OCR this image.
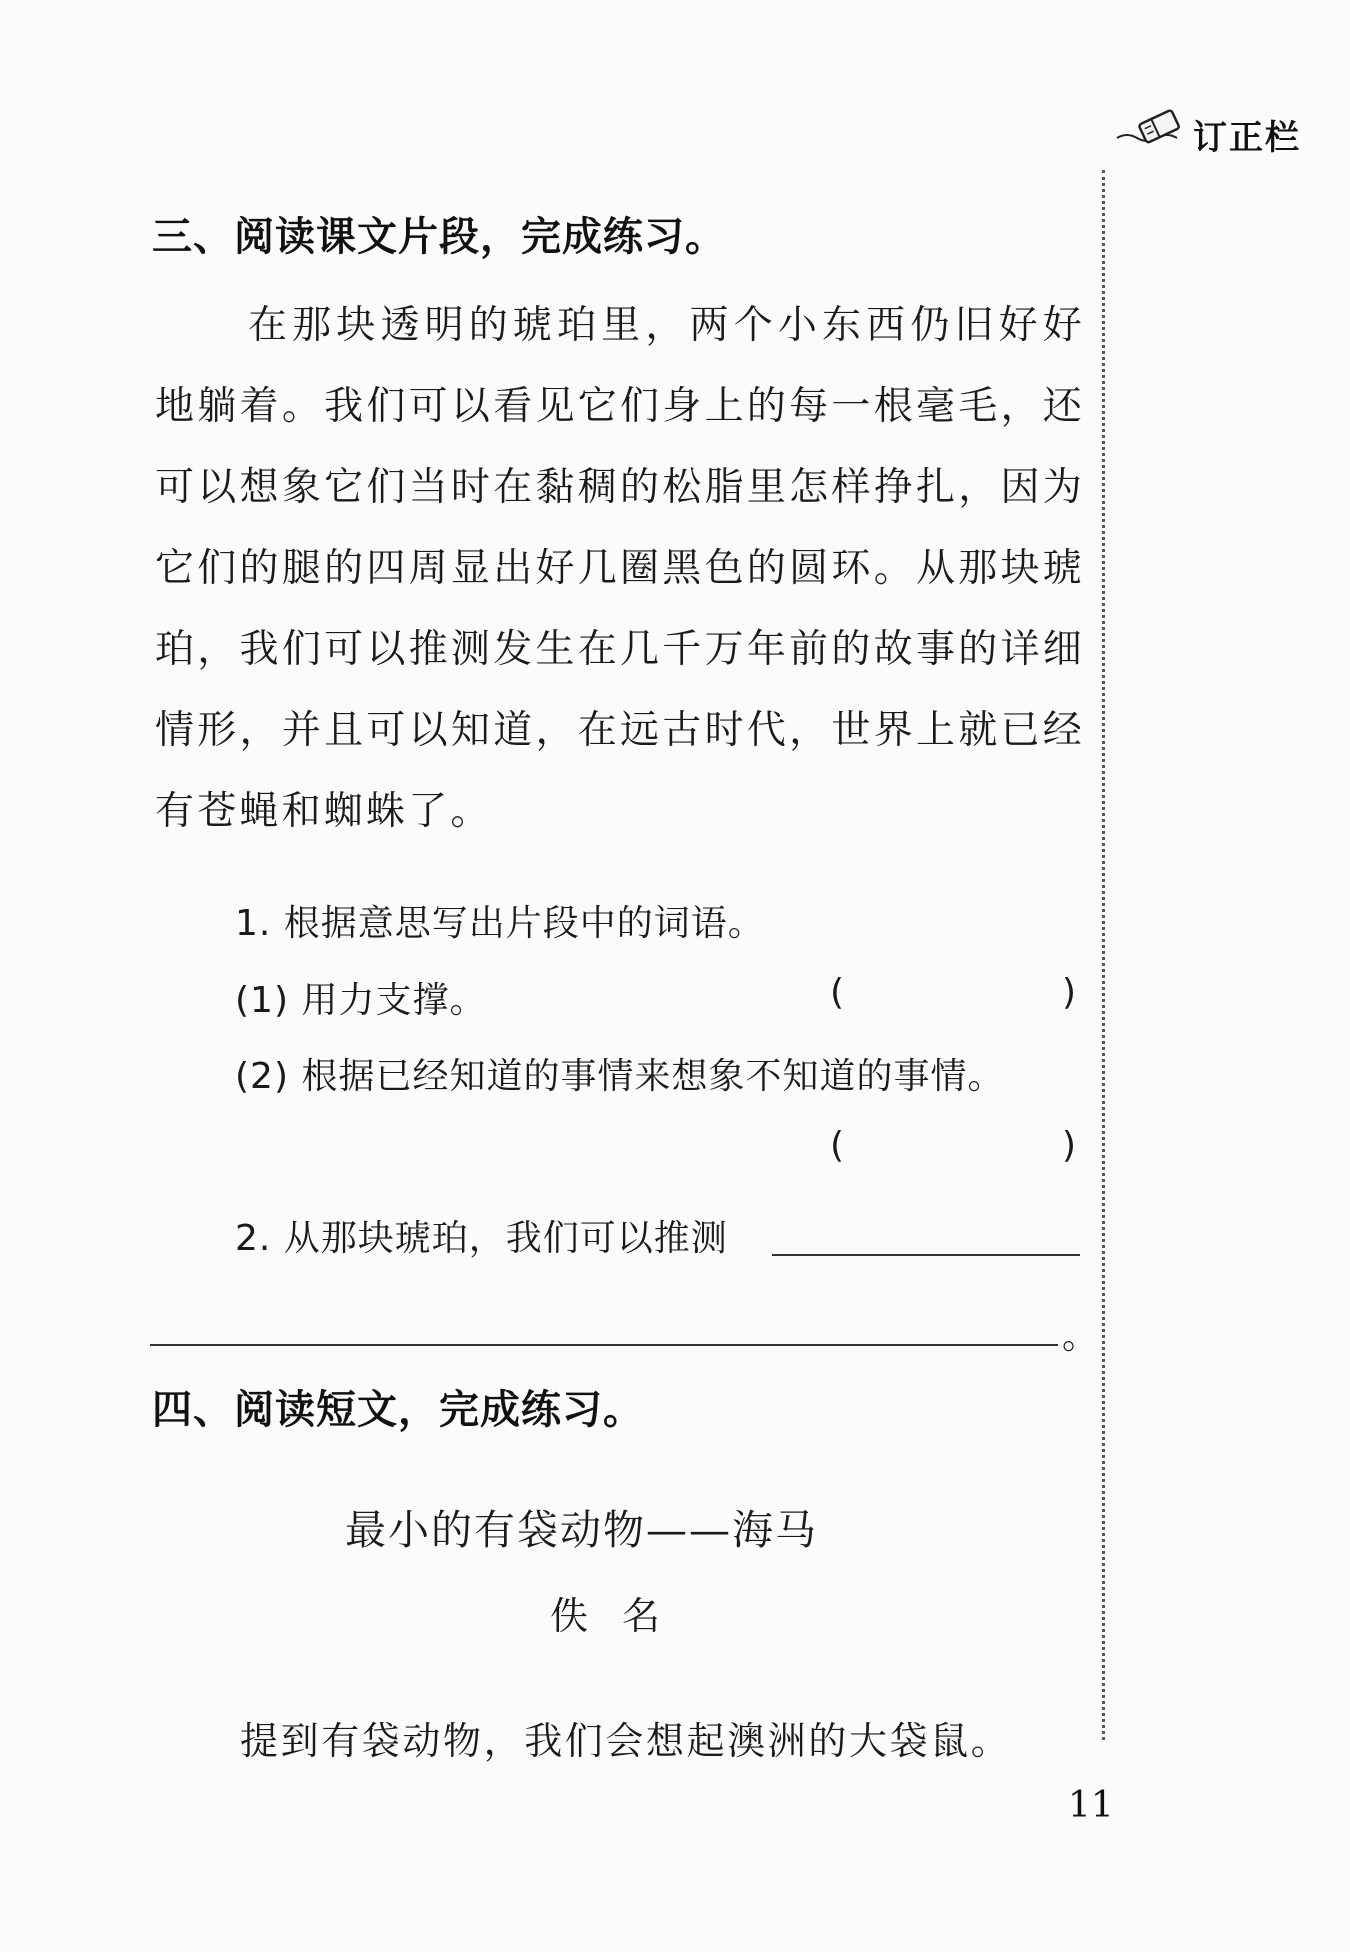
订正栏
三、阅读课文片段，完成练习。
在那块透明的琥珀里，两个小东西仍旧好好地躺着。我们可以看见它们身上的每一根毫毛，还可以想象它们当时在黏稠的松脂里怎样挣扎，因为它们的腿的四周显出好几圈黑色的圆环。从那块琥珀，我们可以推测发生在几千万年前的故事的详细情形，并且可以知道，在远古时代，世界上就已经有苍蝇和蜘蛛了。
1. 根据意思写出片段中的词语。
(1) 用力支撑。	(	)
(2) 根据已经知道的事情来想象不知道的事情。
(	)
2. 从那块琥珀，我们可以推测
。
四、阅读短文，完成练习。
最小的有袋动物——海马
佚名
提到有袋动物，我们会想起澳洲的大袋鼠。
11
